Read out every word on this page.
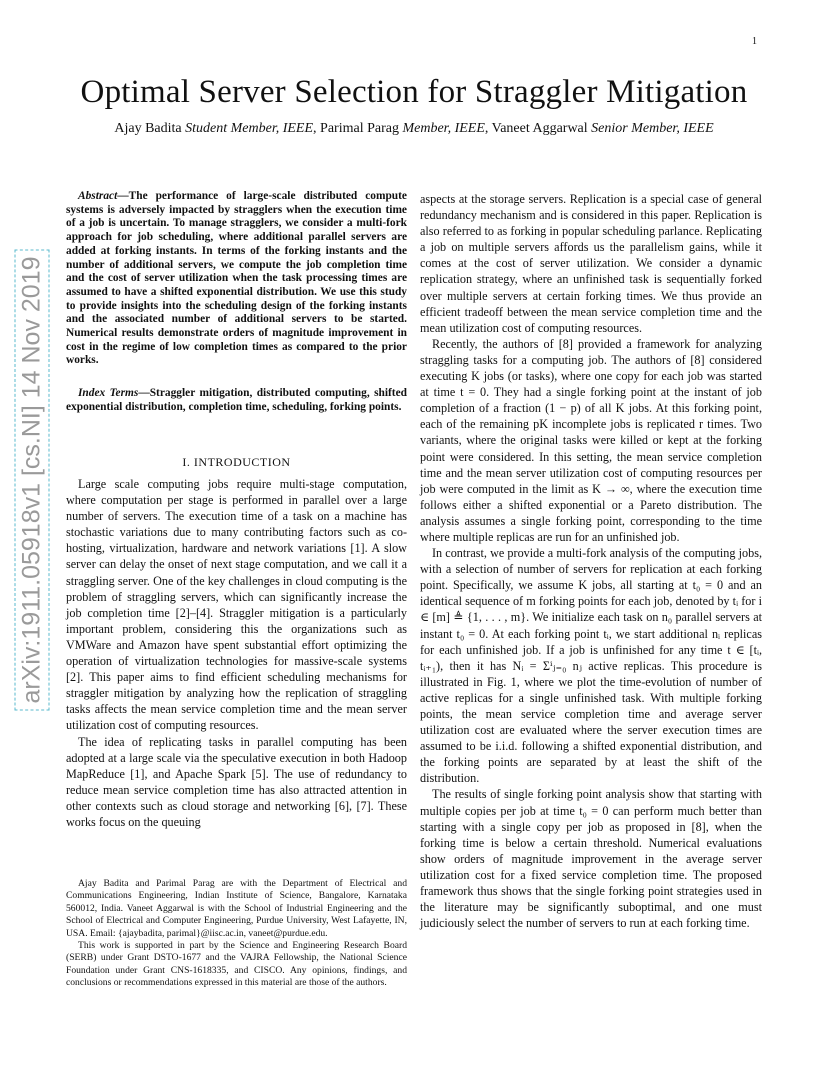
1
arXiv:1911.05918v1 [cs.NI] 14 Nov 2019
Optimal Server Selection for Straggler Mitigation
Ajay Badita Student Member, IEEE, Parimal Parag Member, IEEE, Vaneet Aggarwal Senior Member, IEEE

Abstract—The performance of large-scale distributed compute systems is adversely impacted by stragglers when the execution time of a job is uncertain. To manage stragglers, we consider a multi-fork approach for job scheduling, where additional parallel servers are added at forking instants. In terms of the forking instants and the number of additional servers, we compute the job completion time and the cost of server utilization when the task processing times are assumed to have a shifted exponential distribution. We use this study to provide insights into the scheduling design of the forking instants and the associated number of additional servers to be started. Numerical results demonstrate orders of magnitude improvement in cost in the regime of low completion times as compared to the prior works.

Index Terms—Straggler mitigation, distributed computing, shifted exponential distribution, completion time, scheduling, forking points.

I. INTRODUCTION

Large scale computing jobs require multi-stage computation, where computation per stage is performed in parallel over a large number of servers. The execution time of a task on a machine has stochastic variations due to many contributing factors such as co-hosting, virtualization, hardware and network variations [1]. A slow server can delay the onset of next stage computation, and we call it a straggling server. One of the key challenges in cloud computing is the problem of straggling servers, which can significantly increase the job completion time [2]–[4]. Straggler mitigation is a particularly important problem, considering this the organizations such as VMWare and Amazon have spent substantial effort optimizing the operation of virtualization technologies for massive-scale systems [2]. This paper aims to find efficient scheduling mechanisms for straggler mitigation by analyzing how the replication of straggling tasks affects the mean service completion time and the mean server utilization cost of computing resources.

The idea of replicating tasks in parallel computing has been adopted at a large scale via the speculative execution in both Hadoop MapReduce [1], and Apache Spark [5]. The use of redundancy to reduce mean service completion time has also attracted attention in other contexts such as cloud storage and networking [6], [7]. These works focus on the queuing

Ajay Badita and Parimal Parag are with the Department of Electrical and Communications Engineering, Indian Institute of Science, Bangalore, Karnataka 560012, India. Vaneet Aggarwal is with the School of Industrial Engineering and the School of Electrical and Computer Engineering, Purdue University, West Lafayette, IN, USA. Email: {ajaybadita, parimal}@iisc.ac.in, vaneet@purdue.edu.

This work is supported in part by the Science and Engineering Research Board (SERB) under Grant DSTO-1677 and the VAJRA Fellowship, the National Science Foundation under Grant CNS-1618335, and CISCO. Any opinions, findings, and conclusions or recommendations expressed in this material are those of the authors.

aspects at the storage servers. Replication is a special case of general redundancy mechanism and is considered in this paper. Replication is also referred to as forking in popular scheduling parlance. Replicating a job on multiple servers affords us the parallelism gains, while it comes at the cost of server utilization. We consider a dynamic replication strategy, where an unfinished task is sequentially forked over multiple servers at certain forking times. We thus provide an efficient tradeoff between the mean service completion time and the mean utilization cost of computing resources.

Recently, the authors of [8] provided a framework for analyzing straggling tasks for a computing job. The authors of [8] considered executing K jobs (or tasks), where one copy for each job was started at time t = 0. They had a single forking point at the instant of job completion of a fraction (1 − p) of all K jobs. At this forking point, each of the remaining pK incomplete jobs is replicated r times. Two variants, where the original tasks were killed or kept at the forking point were considered. In this setting, the mean service completion time and the mean server utilization cost of computing resources per job were computed in the limit as K → ∞, where the execution time follows either a shifted exponential or a Pareto distribution. The analysis assumes a single forking point, corresponding to the time where multiple replicas are run for an unfinished job.

In contrast, we provide a multi-fork analysis of the computing jobs, with a selection of number of servers for replication at each forking point. Specifically, we assume K jobs, all starting at t₀ = 0 and an identical sequence of m forking points for each job, denoted by tᵢ for i ∈ [m] ≜ {1, . . . , m}. We initialize each task on n₀ parallel servers at instant t₀ = 0. At each forking point tᵢ, we start additional nᵢ replicas for each unfinished job. If a job is unfinished for any time t ∈ [tᵢ, tᵢ₊₁), then it has Nᵢ = Σⁱⱼ₌₀ nⱼ active replicas. This procedure is illustrated in Fig. 1, where we plot the time-evolution of number of active replicas for a single unfinished task. With multiple forking points, the mean service completion time and average server utilization cost are evaluated where the server execution times are assumed to be i.i.d. following a shifted exponential distribution, and the forking points are separated by at least the shift of the distribution.

The results of single forking point analysis show that starting with multiple copies per job at time t₀ = 0 can perform much better than starting with a single copy per job as proposed in [8], when the forking time is below a certain threshold. Numerical evaluations show orders of magnitude improvement in the average server utilization cost for a fixed service completion time. The proposed framework thus shows that the single forking point strategies used in the literature may be significantly suboptimal, and one must judiciously select the number of servers to run at each forking time.
